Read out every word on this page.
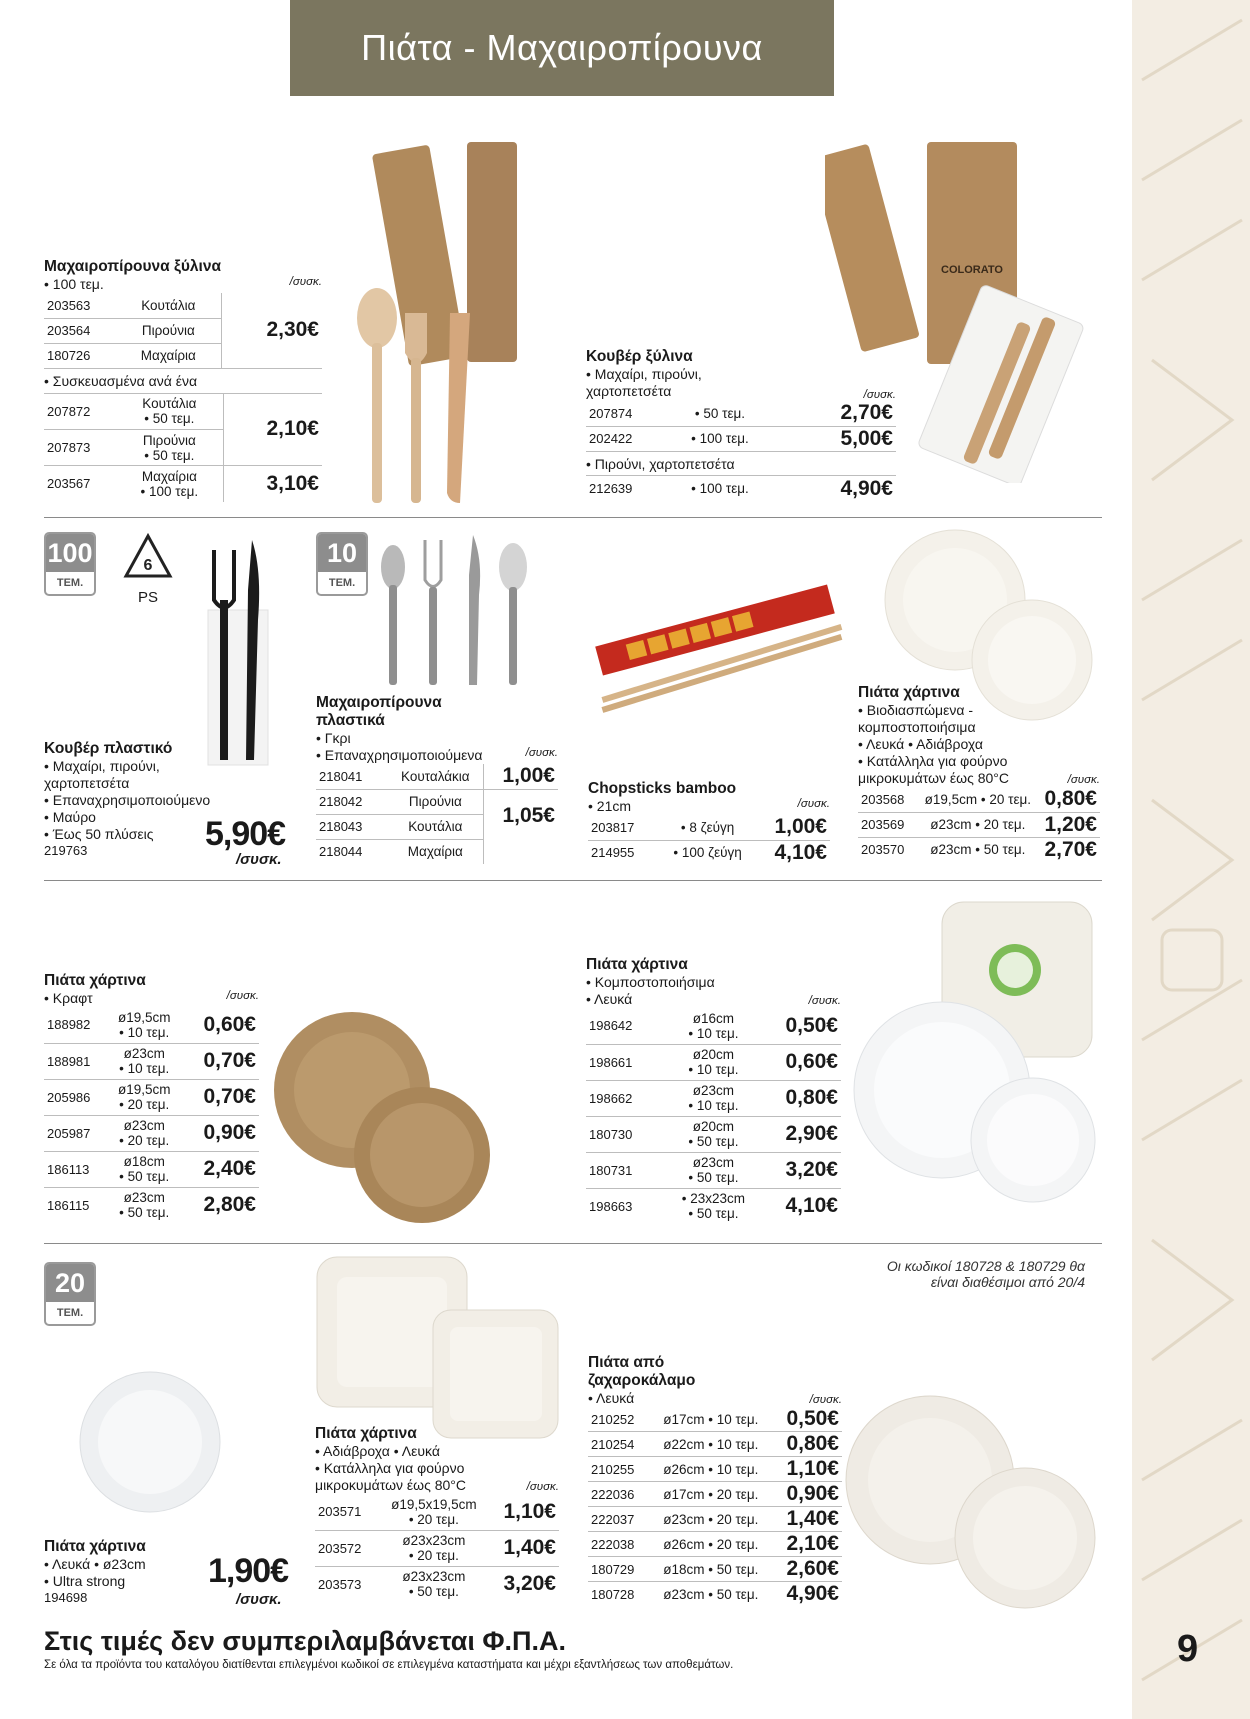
Πιάτα - Μαχαιροπίρουνα
Μαχαιροπίρουνα ξύλινα
• 100 τεμ.	/συσκ.
203563	Κουτάλια	2,30€
203564	Πιρούνια	
180726	Μαχαίρια	
• Συσκευασμένα ανά ένα
207872	Κουτάλια
• 50 τεμ.	2,10€
207873	Πιρούνια
• 50 τεμ.	
203567	Μαχαίρια
• 100 τεμ.	3,10€
COLORATO
Κουβέρ ξύλινα
• Μαχαίρι, πιρούνι,
χαρτοπετσέτα	/συσκ.
207874	• 50 τεμ.	2,70€
202422	• 100 τεμ.	5,00€
• Πιρούνι, χαρτοπετσέτα
212639	• 100 τεμ.	4,90€
100
ΤΕΜ.
6
PS
Κουβέρ πλαστικό
• Μαχαίρι, πιρούνι,
χαρτοπετσέτα
• Επαναχρησιμοποιούμενο
• Μαύρο
• Έως 50 πλύσεις
219763	5,90€
/συσκ.
10
ΤΕΜ.
Μαχαιροπίρουνα
πλαστικά
• Γκρι
• Επαναχρησιμοποιούμενα	/συσκ.
218041	Κουταλάκια	1,00€
218042	Πιρούνια	1,05€
218043	Κουτάλια	
218044	Μαχαίρια	
Chopsticks bamboo
• 21cm	/συσκ.
203817	• 8 ζεύγη	1,00€
214955	• 100 ζεύγη	4,10€
Πιάτα χάρτινα
• Βιοδιασπώμενα -
κομποστοποιήσιμα
• Λευκά • Αδιάβροχα
• Κατάλληλα για φούρνο
μικροκυμάτων έως 80°C	/συσκ.
203568	ø19,5cm • 20 τεμ.	0,80€
203569	ø23cm • 20 τεμ.	1,20€
203570	ø23cm • 50 τεμ.	2,70€
Πιάτα χάρτινα
• Κραφτ	/συσκ.
188982	ø19,5cm
• 10 τεμ.	0,60€
188981	ø23cm
• 10 τεμ.	0,70€
205986	ø19,5cm
• 20 τεμ.	0,70€
205987	ø23cm
• 20 τεμ.	0,90€
186113	ø18cm
• 50 τεμ.	2,40€
186115	ø23cm
• 50 τεμ.	2,80€
Πιάτα χάρτινα
• Κομποστοποιήσιμα
• Λευκά	/συσκ.
198642	ø16cm
• 10 τεμ.	0,50€
198661	ø20cm
• 10 τεμ.	0,60€
198662	ø23cm
• 10 τεμ.	0,80€
180730	ø20cm
• 50 τεμ.	2,90€
180731	ø23cm
• 50 τεμ.	3,20€
198663	• 23x23cm
• 50 τεμ.	4,10€
Οι κωδικοί 180728 & 180729 θα
είναι διαθέσιμοι από 20/4
20
ΤΕΜ.
Πιάτα χάρτινα
• Λευκά • ø23cm
• Ultra strong
194698
1,90€
/συσκ.
Πιάτα χάρτινα
• Αδιάβροχα • Λευκά
• Κατάλληλα για φούρνο
μικροκυμάτων έως 80°C	/συσκ.
203571	ø19,5x19,5cm
• 20 τεμ.	1,10€
203572	ø23x23cm
• 20 τεμ.	1,40€
203573	ø23x23cm
• 50 τεμ.	3,20€
Πιάτα από
ζαχαροκάλαμο
• Λευκά	/συσκ.
210252	ø17cm • 10 τεμ.	0,50€
210254	ø22cm • 10 τεμ.	0,80€
210255	ø26cm • 10 τεμ.	1,10€
222036	ø17cm • 20 τεμ.	0,90€
222037	ø23cm • 20 τεμ.	1,40€
222038	ø26cm • 20 τεμ.	2,10€
180729	ø18cm • 50 τεμ.	2,60€
180728	ø23cm • 50 τεμ.	4,90€
Στις τιμές δεν συμπεριλαμβάνεται Φ.Π.Α.
Σε όλα τα προϊόντα του καταλόγου διατίθενται επιλεγμένοι κωδικοί σε επιλεγμένα καταστήματα και μέχρι εξαντλήσεως των αποθεμάτων.	9
